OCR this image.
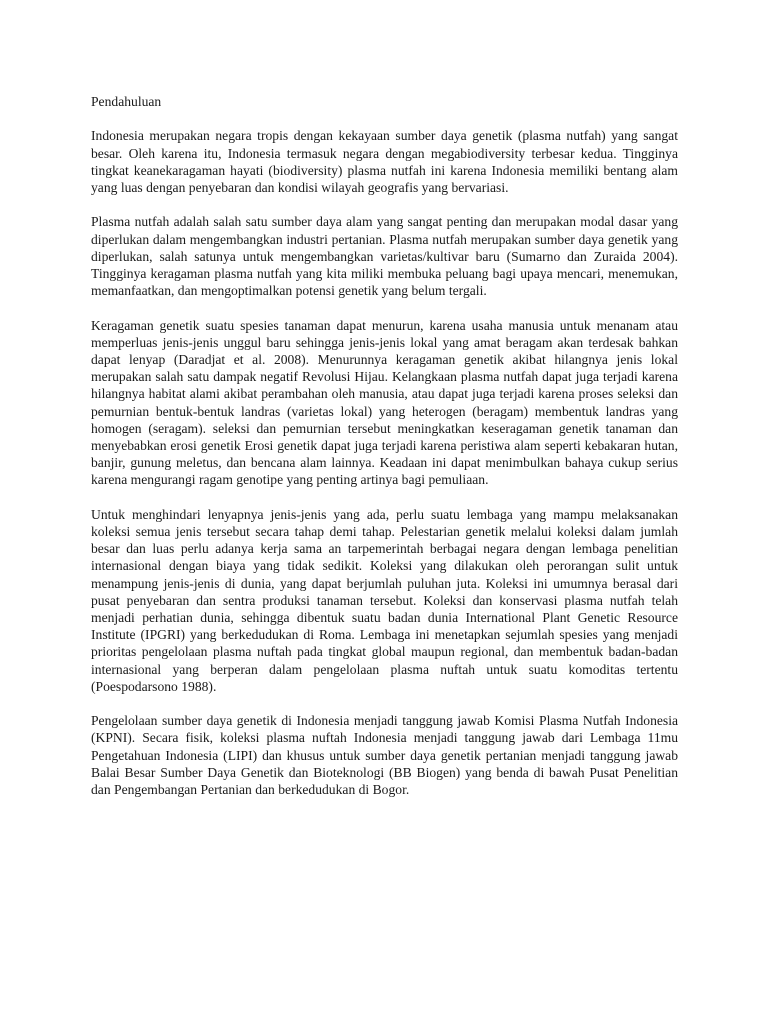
Pendahuluan

Indonesia merupakan negara tropis dengan kekayaan sumber daya genetik (plasma nutfah) yang sangat besar. Oleh karena itu, Indonesia termasuk negara dengan megabiodiversity terbesar kedua. Tingginya tingkat keanekaragaman hayati (biodiversity) plasma nutfah ini karena Indonesia memiliki bentang alam yang luas dengan penyebaran dan kondisi wilayah geografis yang bervariasi.

Plasma nutfah adalah salah satu sumber daya alam yang sangat penting dan merupakan modal dasar yang diperlukan dalam mengembangkan industri pertanian. Plasma nutfah merupakan sumber daya genetik yang diperlukan, salah satunya untuk mengembangkan varietas/kultivar baru (Sumarno dan Zuraida 2004). Tingginya keragaman plasma nutfah yang kita miliki membuka peluang bagi upaya mencari, menemukan, memanfaatkan, dan mengoptimalkan potensi genetik yang belum tergali.

Keragaman genetik suatu spesies tanaman dapat menurun, karena usaha manusia untuk menanam atau memperluas jenis-jenis unggul baru sehingga jenis-jenis lokal yang amat beragam akan terdesak bahkan dapat lenyap (Daradjat et al. 2008). Menurunnya keragaman genetik akibat hilangnya jenis lokal merupakan salah satu dampak negatif Revolusi Hijau. Kelangkaan plasma nutfah dapat juga terjadi karena hilangnya habitat alami akibat perambahan oleh manusia, atau dapat juga terjadi karena proses seleksi dan pemurnian bentuk-bentuk landras (varietas lokal) yang heterogen (beragam) membentuk landras yang homogen (seragam). seleksi dan pemurnian tersebut meningkatkan keseragaman genetik tanaman dan menyebabkan erosi genetik Erosi genetik dapat juga terjadi karena peristiwa alam seperti kebakaran hutan, banjir, gunung meletus, dan bencana alam lainnya. Keadaan ini dapat menimbulkan bahaya cukup serius karena mengurangi ragam genotipe yang penting artinya bagi pemuliaan.

Untuk menghindari lenyapnya jenis-jenis yang ada, perlu suatu lembaga yang mampu melaksanakan koleksi semua jenis tersebut secara tahap demi tahap. Pelestarian genetik melalui koleksi dalam jumlah besar dan luas perlu adanya kerja sama an tarpemerintah berbagai negara dengan lembaga penelitian internasional dengan biaya yang tidak sedikit. Koleksi yang dilakukan oleh perorangan sulit untuk menampung jenis-jenis di dunia, yang dapat berjumlah puluhan juta. Koleksi ini umumnya berasal dari pusat penyebaran dan sentra produksi tanaman tersebut. Koleksi dan konservasi plasma nutfah telah menjadi perhatian dunia, sehingga dibentuk suatu badan dunia International Plant Genetic Resource Institute (IPGRI) yang berkedudukan di Roma. Lembaga ini menetapkan sejumlah spesies yang menjadi prioritas pengelolaan plasma nuftah pada tingkat global maupun regional, dan membentuk badan-badan internasional yang berperan dalam pengelolaan plasma nuftah untuk suatu komoditas tertentu (Poespodarsono 1988).

Pengelolaan sumber daya genetik di Indonesia menjadi tanggung jawab Komisi Plasma Nutfah Indonesia (KPNI). Secara fisik, koleksi plasma nuftah Indonesia menjadi tanggung jawab dari Lembaga 11mu Pengetahuan Indonesia (LIPI) dan khusus untuk sumber daya genetik pertanian menjadi tanggung jawab Balai Besar Sumber Daya Genetik dan Bioteknologi (BB Biogen) yang benda di bawah Pusat Penelitian dan Pengembangan Pertanian dan berkedudukan di Bogor.
